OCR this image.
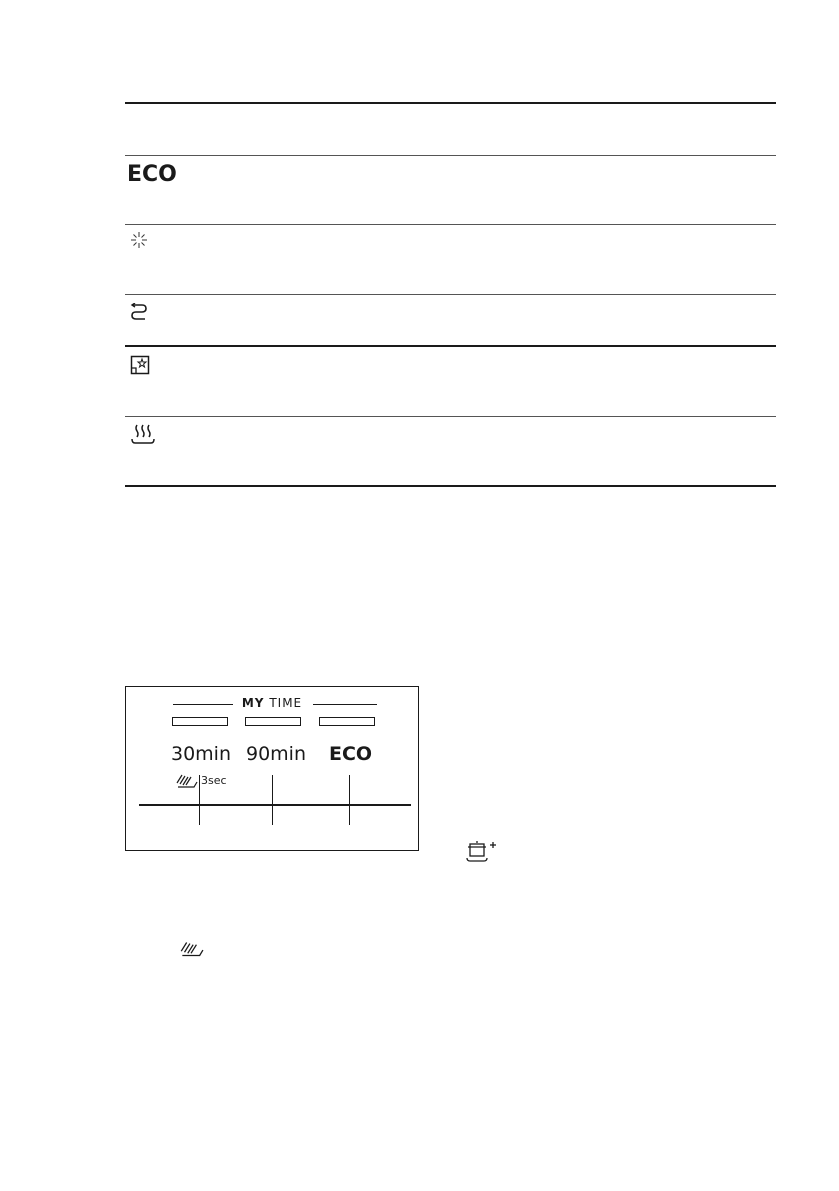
ECO
MY TIME
30min 90min ECO
3sec
